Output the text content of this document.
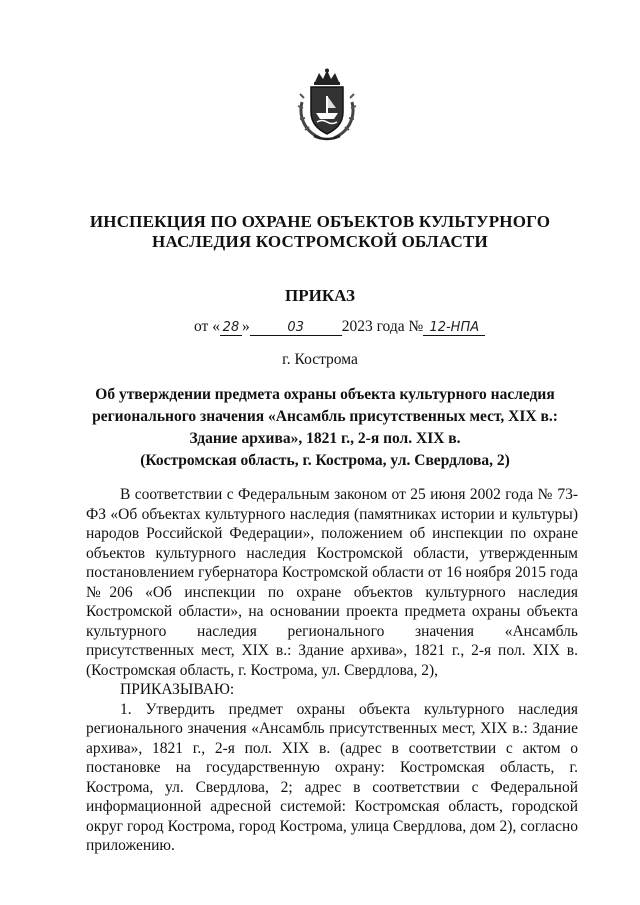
ИНСПЕКЦИЯ ПО ОХРАНЕ ОБЪЕКТОВ КУЛЬТУРНОГО
НАСЛЕДИЯ КОСТРОМСКОЙ ОБЛАСТИ
ПРИКАЗ
от « 28 »	03 2023 года № 12-НПА
г. Кострома
Об утверждении предмета охраны объекта культурного наследия
регионального значения «Ансамбль присутственных мест, XIX в.:
Здание архива», 1821 г., 2-я пол. XIX в.
(Костромская область, г. Кострома, ул. Свердлова, 2)

В соответствии с Федеральным законом от 25 июня 2002 года № 73-ФЗ «Об объектах культурного наследия (памятниках истории и культуры) народов Российской Федерации», положением об инспекции по охране объектов культурного наследия Костромской области, утвержденным постановлением губернатора Костромской области от 16 ноября 2015 года №206 «Об инспекции по охране объектов культурного наследия Костромской области», на основании проекта предмета охраны объекта культурного наследия регионального значения «Ансамбль присутственных мест, XIX в.: Здание архива», 1821 г., 2-я пол. XIX в. (Костромская область, г. Кострома, ул. Свердлова, 2),

ПРИКАЗЫВАЮ:

1. Утвердить предмет охраны объекта культурного наследия регионального значения «Ансамбль присутственных мест, XIX в.: Здание архива», 1821 г., 2-я пол. XIX в. (адрес в соответствии с актом о постановке на государственную охрану: Костромская область, г. Кострома, ул. Свердлова, 2; адрес в соответствии с Федеральной информационной адресной системой: Костромская область, городской округ город Кострома, город Кострома, улица Свердлова, дом 2), согласно приложению.
